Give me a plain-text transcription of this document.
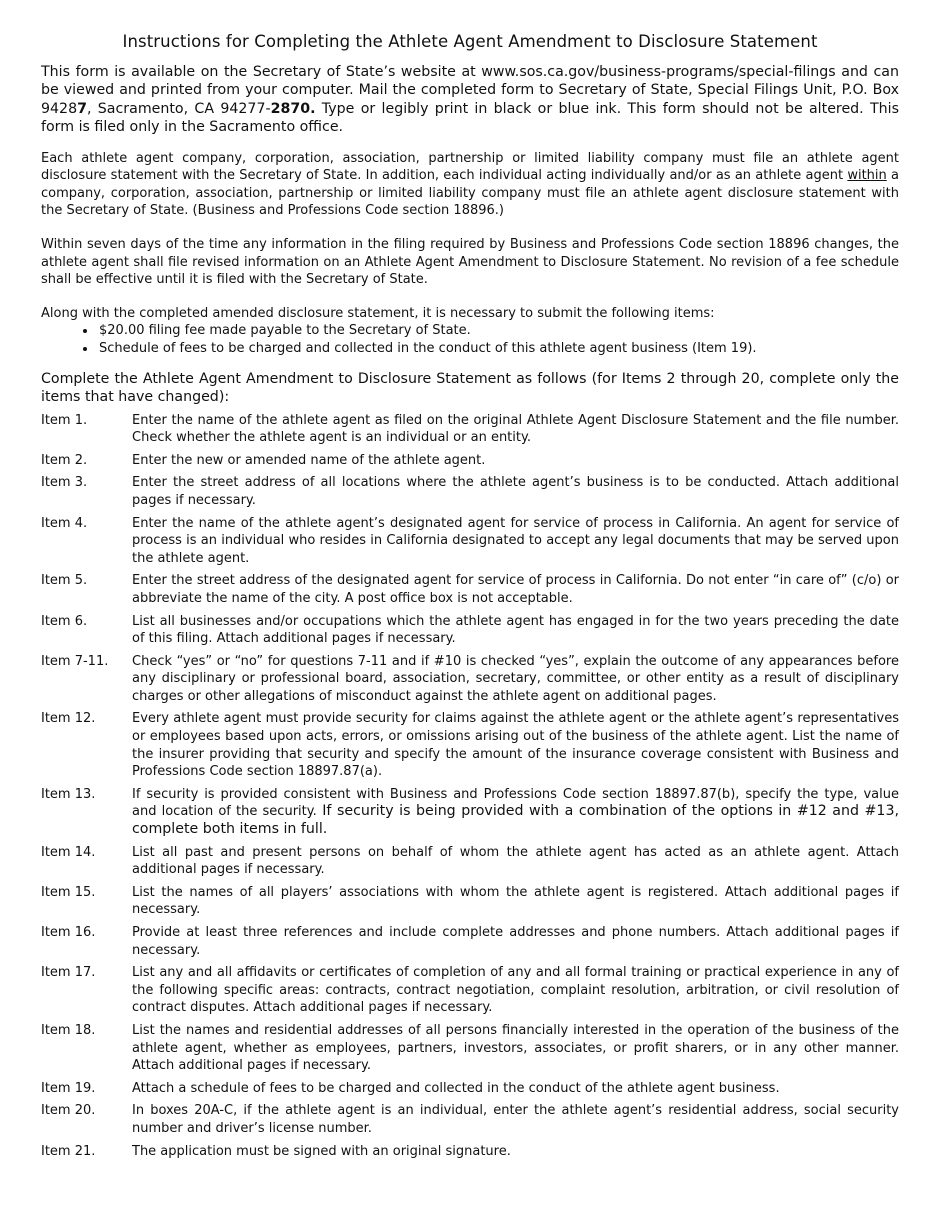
Instructions for Completing the Athlete Agent Amendment to Disclosure Statement

This form is available on the Secretary of State’s website at www.sos.ca.gov/business-programs/special-filings and can be viewed and printed from your computer. Mail the completed form to Secretary of State, Special Filings Unit, P.O. Box 94287, Sacramento, CA 94277-2870. Type or legibly print in black or blue ink. This form should not be altered. This form is filed only in the Sacramento office.

Each athlete agent company, corporation, association, partnership or limited liability company must file an athlete agent disclosure statement with the Secretary of State. In addition, each individual acting individually and/or as an athlete agent within a company, corporation, association, partnership or limited liability company must file an athlete agent disclosure statement with the Secretary of State. (Business and Professions Code section 18896.)

Within seven days of the time any information in the filing required by Business and Professions Code section 18896 changes, the athlete agent shall file revised information on an Athlete Agent Amendment to Disclosure Statement. No revision of a fee schedule shall be effective until it is filed with the Secretary of State.

Along with the completed amended disclosure statement, it is necessary to submit the following items:

• $20.00 filing fee made payable to the Secretary of State.
• Schedule of fees to be charged and collected in the conduct of this athlete agent business (Item 19).

Complete the Athlete Agent Amendment to Disclosure Statement as follows (for Items 2 through 20, complete only the items that have changed):

Item 1.	Enter the name of the athlete agent as filed on the original Athlete Agent Disclosure Statement and the file number. Check whether the athlete agent is an individual or an entity.
Item 2.	Enter the new or amended name of the athlete agent.
Item 3.	Enter the street address of all locations where the athlete agent’s business is to be conducted. Attach additional pages if necessary.
Item 4.	Enter the name of the athlete agent’s designated agent for service of process in California. An agent for service of process is an individual who resides in California designated to accept any legal documents that may be served upon the athlete agent.
Item 5.	Enter the street address of the designated agent for service of process in California. Do not enter “in care of” (c/o) or abbreviate the name of the city. A post office box is not acceptable.
Item 6.	List all businesses and/or occupations which the athlete agent has engaged in for the two years preceding the date of this filing. Attach additional pages if necessary.
Item 7-11.	Check “yes” or “no” for questions 7-11 and if #10 is checked “yes”, explain the outcome of any appearances before any disciplinary or professional board, association, secretary, committee, or other entity as a result of disciplinary charges or other allegations of misconduct against the athlete agent on additional pages.
Item 12.	Every athlete agent must provide security for claims against the athlete agent or the athlete agent’s representatives or employees based upon acts, errors, or omissions arising out of the business of the athlete agent. List the name of the insurer providing that security and specify the amount of the insurance coverage consistent with Business and Professions Code section 18897.87(a).
Item 13.	If security is provided consistent with Business and Professions Code section 18897.87(b), specify the type, value and location of the security. If security is being provided with a combination of the options in #12 and #13, complete both items in full.
Item 14.	List all past and present persons on behalf of whom the athlete agent has acted as an athlete agent. Attach additional pages if necessary.
Item 15.	List the names of all players’ associations with whom the athlete agent is registered. Attach additional pages if necessary.
Item 16.	Provide at least three references and include complete addresses and phone numbers. Attach additional pages if necessary.
Item 17.	List any and all affidavits or certificates of completion of any and all formal training or practical experience in any of the following specific areas: contracts, contract negotiation, complaint resolution, arbitration, or civil resolution of contract disputes. Attach additional pages if necessary.
Item 18.	List the names and residential addresses of all persons financially interested in the operation of the business of the athlete agent, whether as employees, partners, investors, associates, or profit sharers, or in any other manner. Attach additional pages if necessary.
Item 19.	Attach a schedule of fees to be charged and collected in the conduct of the athlete agent business.
Item 20.	In boxes 20A-C, if the athlete agent is an individual, enter the athlete agent’s residential address, social security number and driver’s license number.
Item 21.	The application must be signed with an original signature.
